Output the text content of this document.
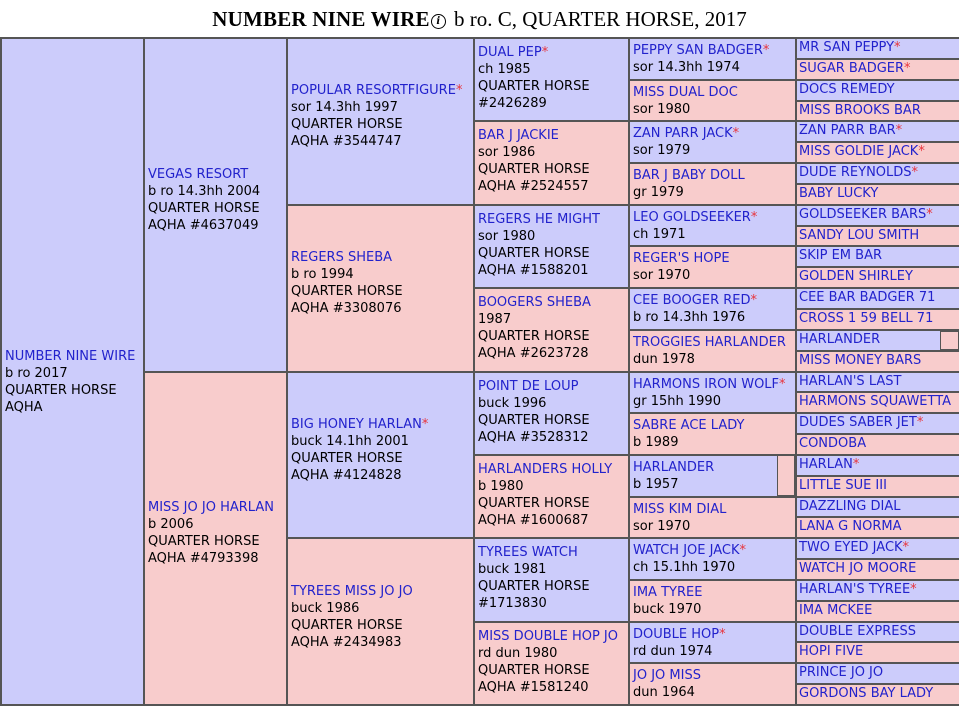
NUMBER NINE WIRE i b ro. C, QUARTER HORSE, 2017
NUMBER NINE WIRE
b ro 2017
QUARTER HORSE
AQHA
VEGAS RESORT
b ro 14.3hh 2004
QUARTER HORSE
AQHA #4637049
MISS JO JO HARLAN
b 2006
QUARTER HORSE
AQHA #4793398
POPULAR RESORTFIGURE*
sor 14.3hh 1997
QUARTER HORSE
AQHA #3544747
REGERS SHEBA
b ro 1994
QUARTER HORSE
AQHA #3308076
BIG HONEY HARLAN*
buck 14.1hh 2001
QUARTER HORSE
AQHA #4124828
TYREES MISS JO JO
buck 1986
QUARTER HORSE
AQHA #2434983
DUAL PEP*
ch 1985
QUARTER HORSE
#2426289
BAR J JACKIE
sor 1986
QUARTER HORSE
AQHA #2524557
REGERS HE MIGHT
sor 1980
QUARTER HORSE
AQHA #1588201
BOOGERS SHEBA
1987
QUARTER HORSE
AQHA #2623728
POINT DE LOUP
buck 1996
QUARTER HORSE
AQHA #3528312
HARLANDERS HOLLY
b 1980
QUARTER HORSE
AQHA #1600687
TYREES WATCH
buck 1981
QUARTER HORSE
#1713830
MISS DOUBLE HOP JO
rd dun 1980
QUARTER HORSE
AQHA #1581240
PEPPY SAN BADGER*
sor 14.3hh 1974
MISS DUAL DOC
sor 1980
ZAN PARR JACK*
sor 1979
BAR J BABY DOLL
gr 1979
LEO GOLDSEEKER*
ch 1971
REGER'S HOPE
sor 1970
CEE BOOGER RED*
b ro 14.3hh 1976
TROGGIES HARLANDER
dun 1978
HARMONS IRON WOLF*
gr 15hh 1990
SABRE ACE LADY
b 1989
HARLANDER
b 1957
MISS KIM DIAL
sor 1970
WATCH JOE JACK*
ch 15.1hh 1970
IMA TYREE
buck 1970
DOUBLE HOP*
rd dun 1974
JO JO MISS
dun 1964
MR SAN PEPPY*
SUGAR BADGER*
DOCS REMEDY
MISS BROOKS BAR
ZAN PARR BAR*
MISS GOLDIE JACK*
DUDE REYNOLDS*
BABY LUCKY
GOLDSEEKER BARS*
SANDY LOU SMITH
SKIP EM BAR
GOLDEN SHIRLEY
CEE BAR BADGER 71
CROSS 1 59 BELL 71
HARLANDER
MISS MONEY BARS
HARLAN'S LAST
HARMONS SQUAWETTA
DUDES SABER JET*
CONDOBA
HARLAN*
LITTLE SUE III
DAZZLING DIAL
LANA G NORMA
TWO EYED JACK*
WATCH JO MOORE
HARLAN'S TYREE*
IMA MCKEE
DOUBLE EXPRESS
HOPI FIVE
PRINCE JO JO
GORDONS BAY LADY
